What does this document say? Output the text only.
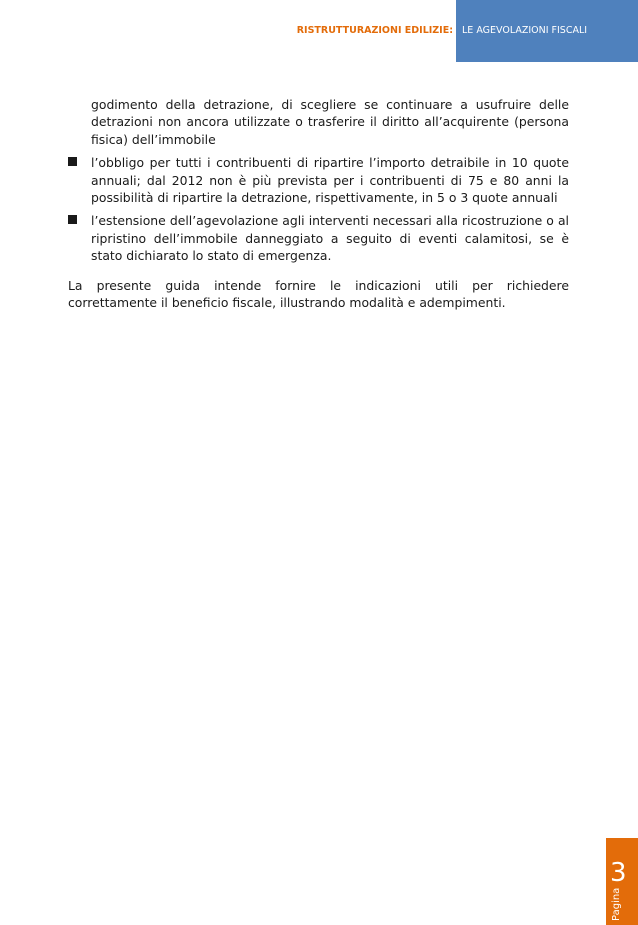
RISTRUTTURAZIONI EDILIZIE: LE AGEVOLAZIONI FISCALI

godimento della detrazione, di scegliere se continuare a usufruire delle detrazioni non ancora utilizzate o trasferire il diritto all’acquirente (persona fisica) dell’immobile

l’obbligo per tutti i contribuenti di ripartire l’importo detraibile in 10 quote annuali; dal 2012 non è più prevista per i contribuenti di 75 e 80 anni la possibilità di ripartire la detrazione, rispettivamente, in 5 o 3 quote annuali

l’estensione dell’agevolazione agli interventi necessari alla ricostruzione o al ripristino dell’immobile danneggiato a seguito di eventi calamitosi, se è stato dichiarato lo stato di emergenza.

La presente guida intende fornire le indicazioni utili per richiedere correttamente il beneficio fiscale, illustrando modalità e adempimenti.

Pagina
3
